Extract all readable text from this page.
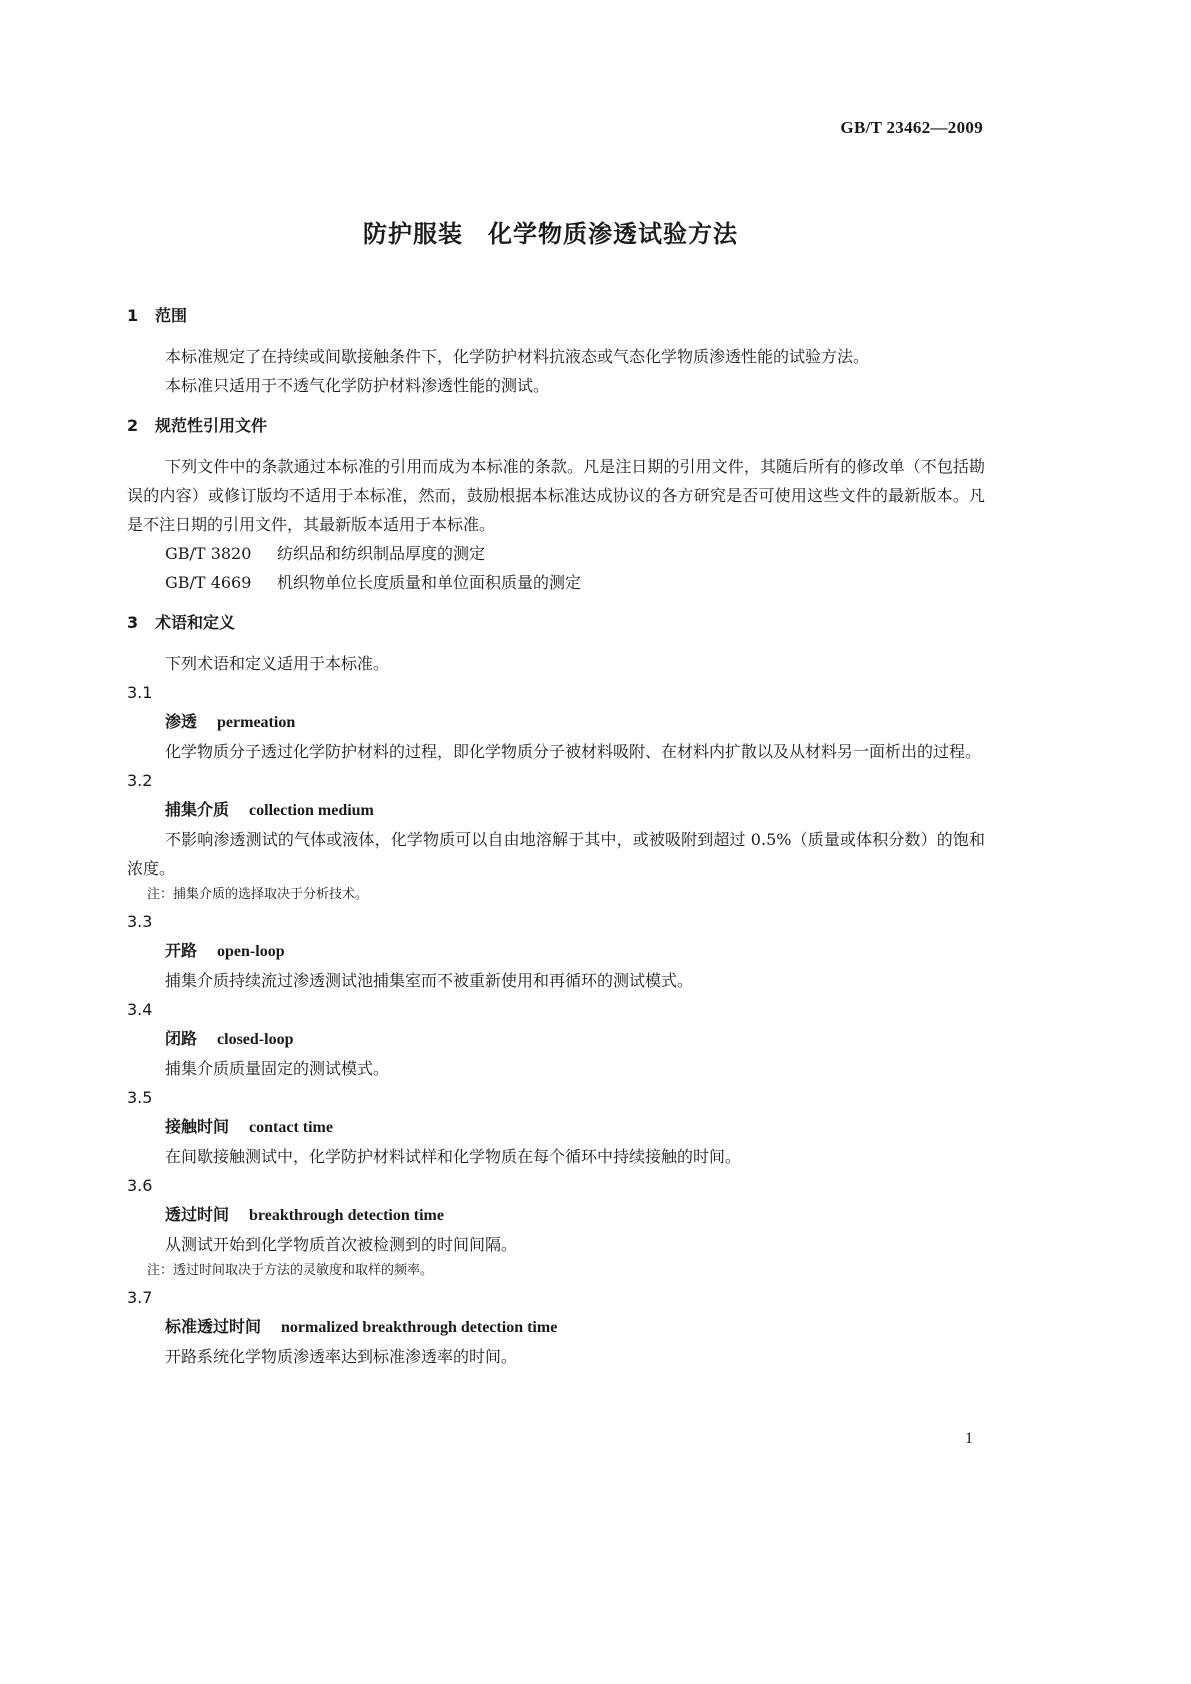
GB/T 23462—2009
防护服装　化学物质渗透试验方法
1 范围

本标准规定了在持续或间歇接触条件下，化学防护材料抗液态或气态化学物质渗透性能的试验方法。

本标准只适用于不透气化学防护材料渗透性能的测试。

2 规范性引用文件

下列文件中的条款通过本标准的引用而成为本标准的条款。凡是注日期的引用文件，其随后所有的修改单（不包括勘误的内容）或修订版均不适用于本标准，然而，鼓励根据本标准达成协议的各方研究是否可使用这些文件的最新版本。凡是不注日期的引用文件，其最新版本适用于本标准。

GB/T 3820 纺织品和纺织制品厚度的测定
GB/T 4669 机织物单位长度质量和单位面积质量的测定
3 术语和定义

下列术语和定义适用于本标准。

3.1
渗透 permeation

化学物质分子透过化学防护材料的过程，即化学物质分子被材料吸附、在材料内扩散以及从材料另一面析出的过程。

3.2
捕集介质 collection medium

不影响渗透测试的气体或液体，化学物质可以自由地溶解于其中，或被吸附到超过 0.5%（质量或体积分数）的饱和浓度。

注：捕集介质的选择取决于分析技术。
3.3
开路 open-loop

捕集介质持续流过渗透测试池捕集室而不被重新使用和再循环的测试模式。

3.4
闭路 closed-loop

捕集介质质量固定的测试模式。

3.5
接触时间 contact time

在间歇接触测试中，化学防护材料试样和化学物质在每个循环中持续接触的时间。

3.6
透过时间 breakthrough detection time

从测试开始到化学物质首次被检测到的时间间隔。

注：透过时间取决于方法的灵敏度和取样的频率。
3.7
标准透过时间 normalized breakthrough detection time

开路系统化学物质渗透率达到标准渗透率的时间。

1
